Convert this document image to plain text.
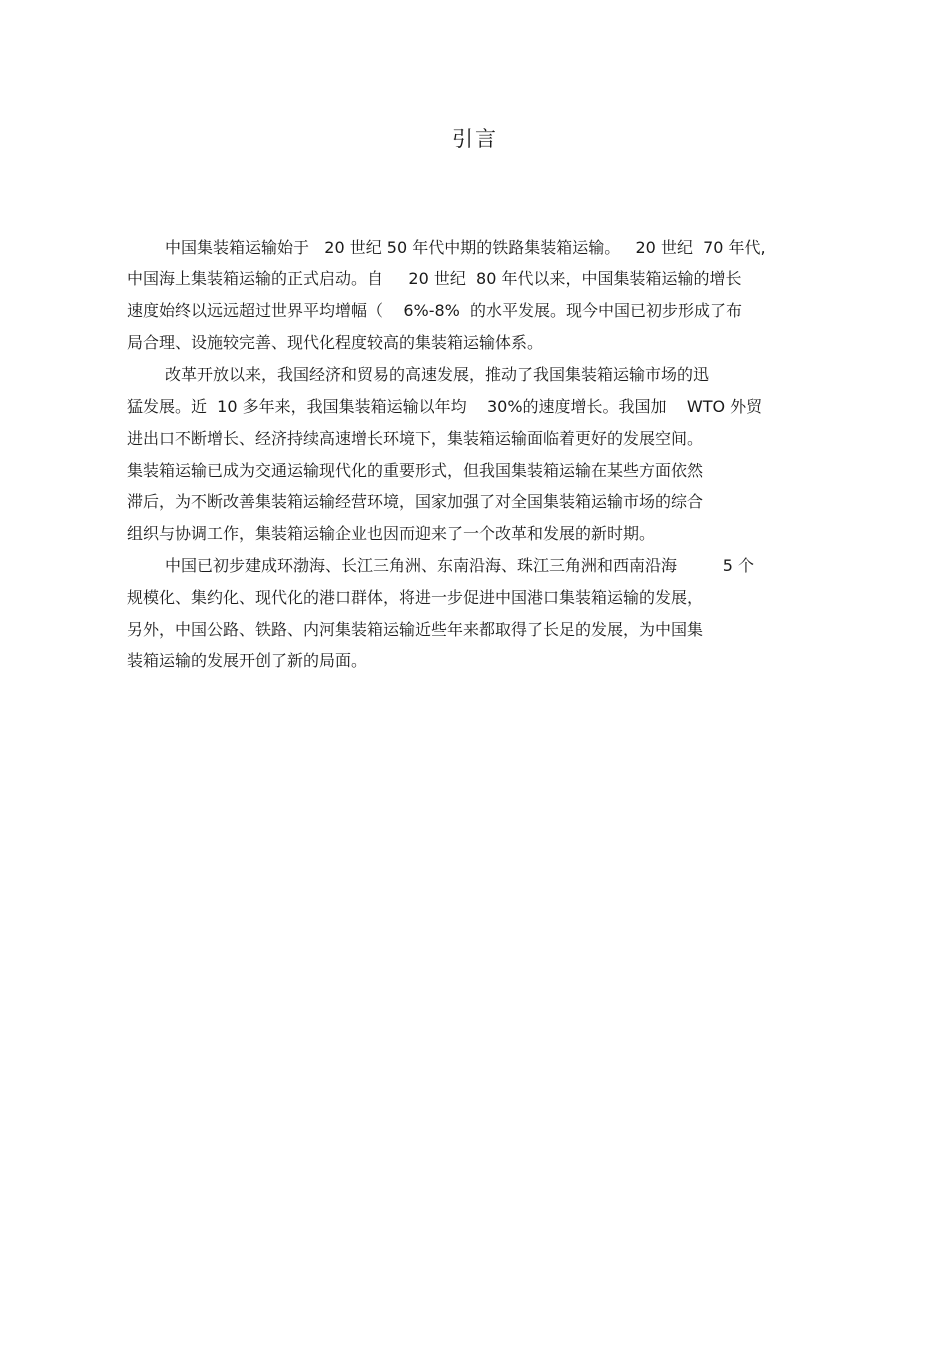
引言
中国集装箱运输始于   20 世纪 50 年代中期的铁路集装箱运输。   20 世纪  70 年代,
中国海上集装箱运输的正式启动。自     20 世纪  80 年代以来，中国集装箱运输的增长
速度始终以远远超过世界平均增幅（    6%-8%  的水平发展。现今中国已初步形成了布
局合理、设施较完善、现代化程度较高的集装箱运输体系。
改革开放以来，我国经济和贸易的高速发展，推动了我国集装箱运输市场的迅
猛发展。近  10 多年来，我国集装箱运输以年均    30%的速度增长。我国加    WTO 外贸
进出口不断增长、经济持续高速增长环境下，集装箱运输面临着更好的发展空间。
集装箱运输已成为交通运输现代化的重要形式，但我国集装箱运输在某些方面依然
滞后，为不断改善集装箱运输经营环境，国家加强了对全国集装箱运输市场的综合
组织与协调工作，集装箱运输企业也因而迎来了一个改革和发展的新时期。
中国已初步建成环渤海、长江三角洲、东南沿海、珠江三角洲和西南沿海         5 个
规模化、集约化、现代化的港口群体，将进一步促进中国港口集装箱运输的发展，
另外，中国公路、铁路、内河集装箱运输近些年来都取得了长足的发展，为中国集
装箱运输的发展开创了新的局面。
